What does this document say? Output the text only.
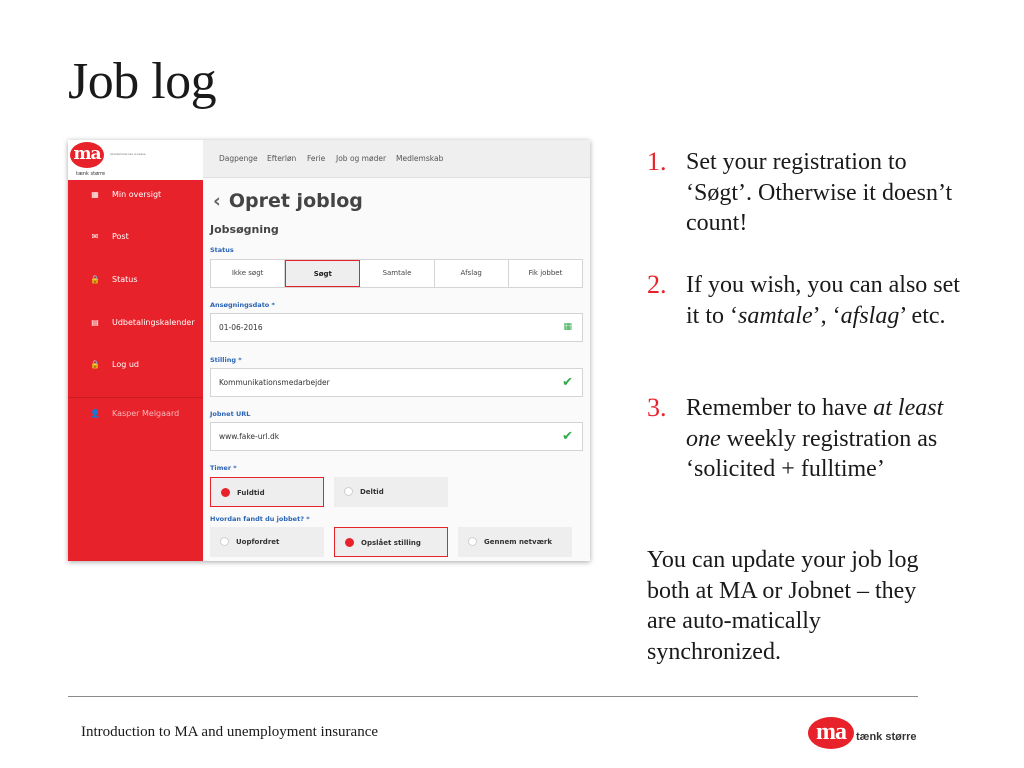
Job log
ma	Akademikernes A-kasse
tænk større
▦ Min oversigt
✉ Post
🔒 Status
▤ Udbetalingskalender
🔒 Log ud
👤 Kasper Melgaard
Dagpenge Efterløn Ferie Job og møder Medlemskab
‹ Opret joblog
Jobsøgning
Status
Ikke søgt	Søgt	Samtale	Afslag	Fik jobbet
Ansøgningsdato *
01-06-2016	▦
Stilling *
Kommunikationsmedarbejder	✔
Jobnet URL
www.fake-url.dk	✔
Timer *
Fuldtid	Deltid
Hvordan fandt du jobbet? *
Uopfordret	Opslået stilling	Gennem netværk
1. Set your registration to ‘Søgt’. Otherwise it doesn’t count!
2. If you wish, you can also set it to ‘samtale’, ‘afslag’ etc.
3. Remember to have at least one weekly registration as ‘solicited + fulltime’
You can update your job log both at MA or Jobnet – they are auto-matically synchronized.
Introduction to MA and unemployment insurance	ma tænk større
